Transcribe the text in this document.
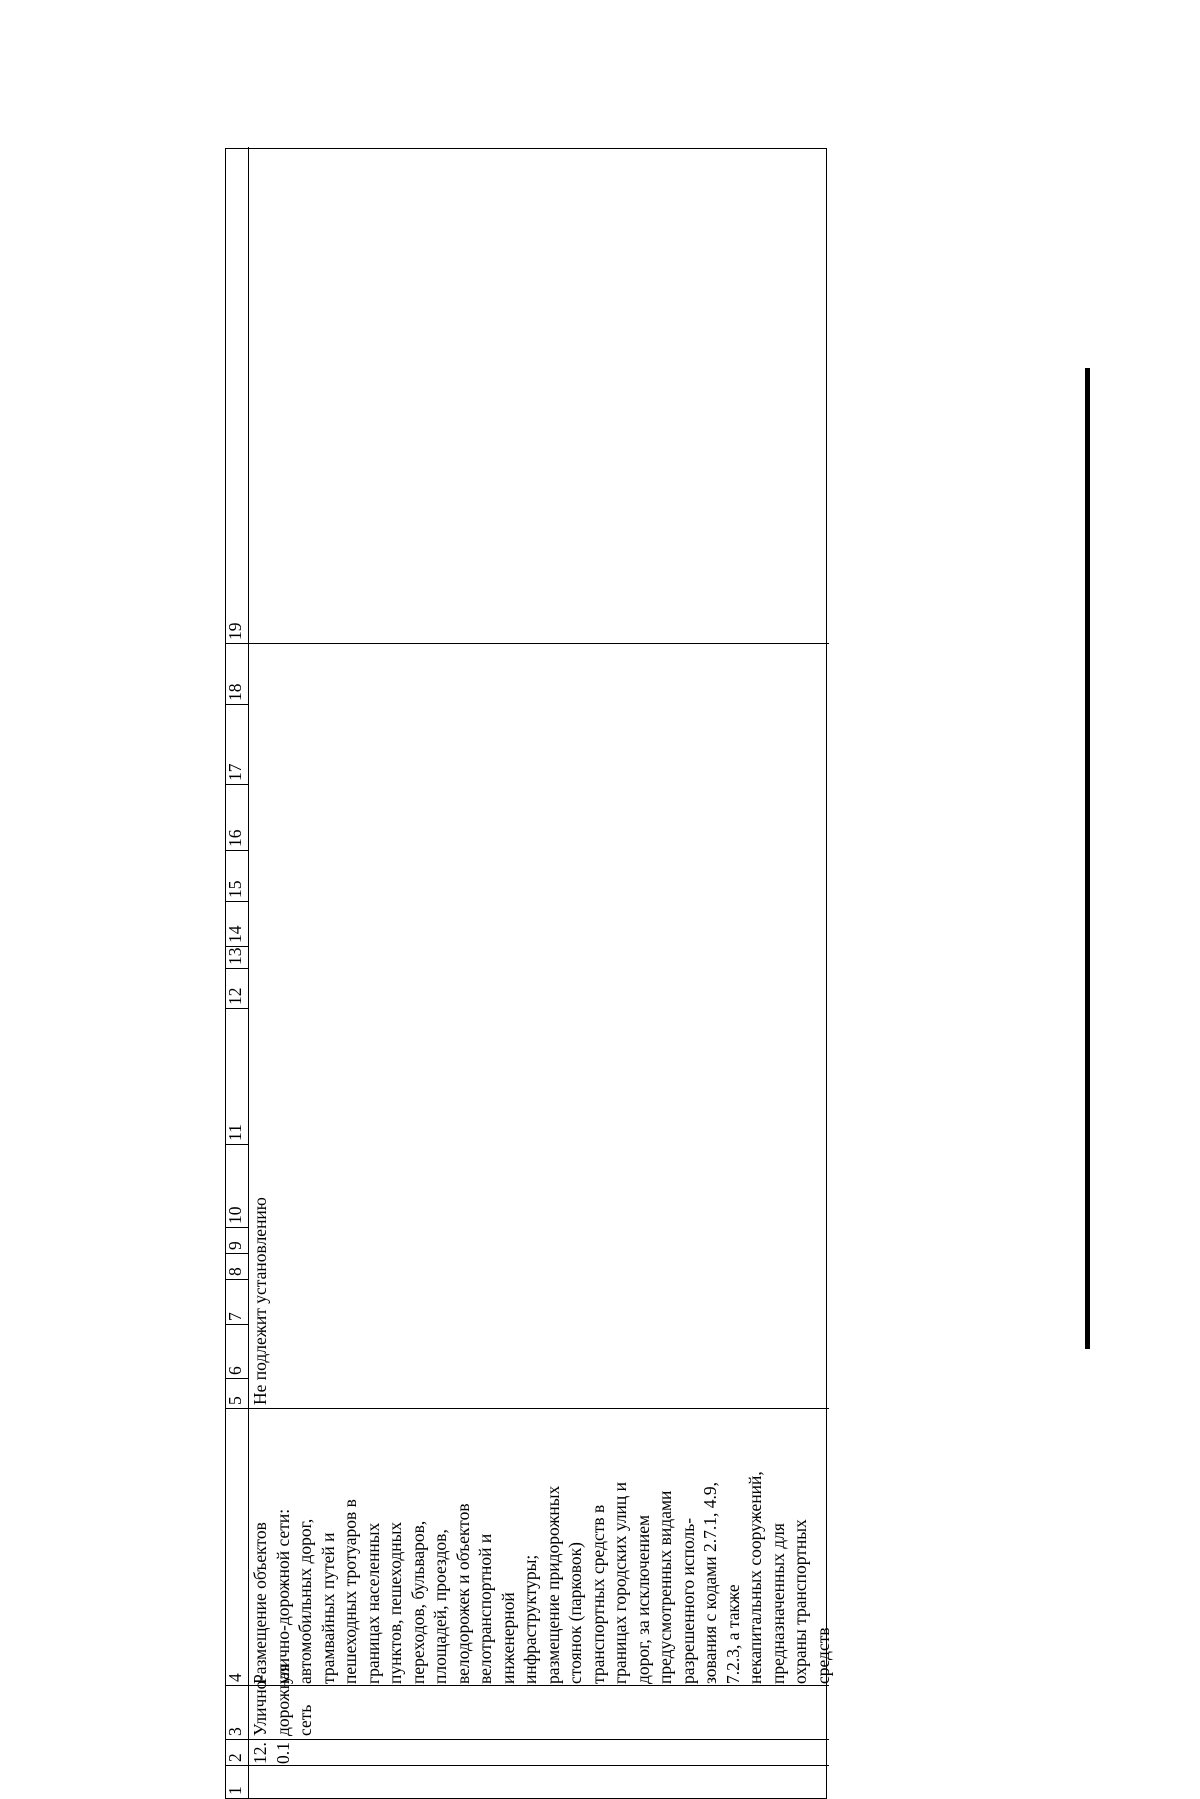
1
2
3
4
5
6
7
8
9
10
11
12
13
14
15
16
17
18
19
12.
0.1
Улично-
дорожная
сеть
Размещение объектов
улично-дорожной сети:
автомобильных дорог,
трамвайных путей и
пешеходных тротуаров в
границах населенных
пунктов, пешеходных
переходов, бульваров,
площадей, проездов,
велодорожек и объектов
велотранспортной и
инженерной
инфраструктуры;
размещение придорожных
стоянок (парковок)
транспортных средств в
границах городских улиц и
дорог, за исключением
предусмотренных видами
разрешенного исполь-
зования с кодами 2.7.1, 4.9,
7.2.3, а также
некапитальных сооружений,
предназначенных для
охраны транспортных
средств
Не подлежит установлению
